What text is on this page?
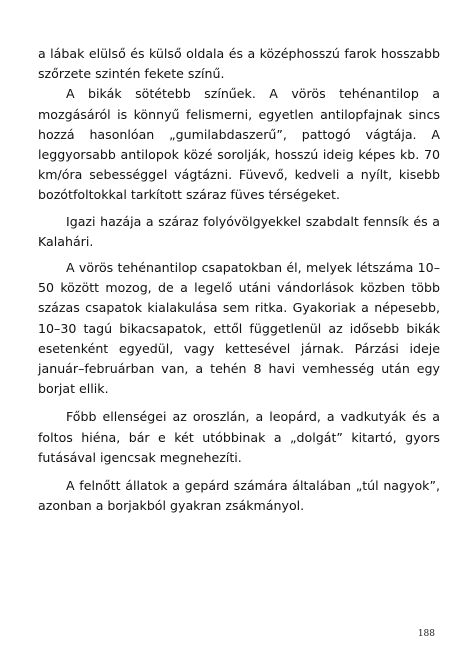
a lábak elülső és külső oldala és a középhosszú farok hosszabb szőrzete szintén fekete színű.

A bikák sötétebb színűek. A vörös tehénantilop a mozgásáról is könnyű felismerni, egyetlen antilopfajnak sincs hozzá hasonlóan „gumilabdaszerű”, pattogó vágtája. A leggyorsabb antilopok közé sorolják, hosszú ideig képes kb. 70 km/óra sebességgel vágtázni. Füvevő, kedveli a nyílt, kisebb bozótfoltokkal tarkított száraz füves térségeket.

Igazi hazája a száraz folyóvölgyekkel szabdalt fennsík és a Kalahári.

A vörös tehénantilop csapatokban él, melyek létszáma 10–50 között mozog, de a legelő utáni vándorlások közben több százas csapatok kialakulása sem ritka. Gyakoriak a népesebb, 10–30 tagú bikacsapatok, ettől függetlenül az idősebb bikák esetenként egyedül, vagy kettesével járnak. Párzási ideje január–februárban van, a tehén 8 havi vemhesség után egy borjat ellik.

Főbb ellenségei az oroszlán, a leopárd, a vadkutyák és a foltos hiéna, bár e két utóbbinak a „dolgát” kitartó, gyors futásával igencsak megnehezíti.

A felnőtt állatok a gepárd számára általában „túl nagyok”, azonban a borjakból gyakran zsákmányol.

188
